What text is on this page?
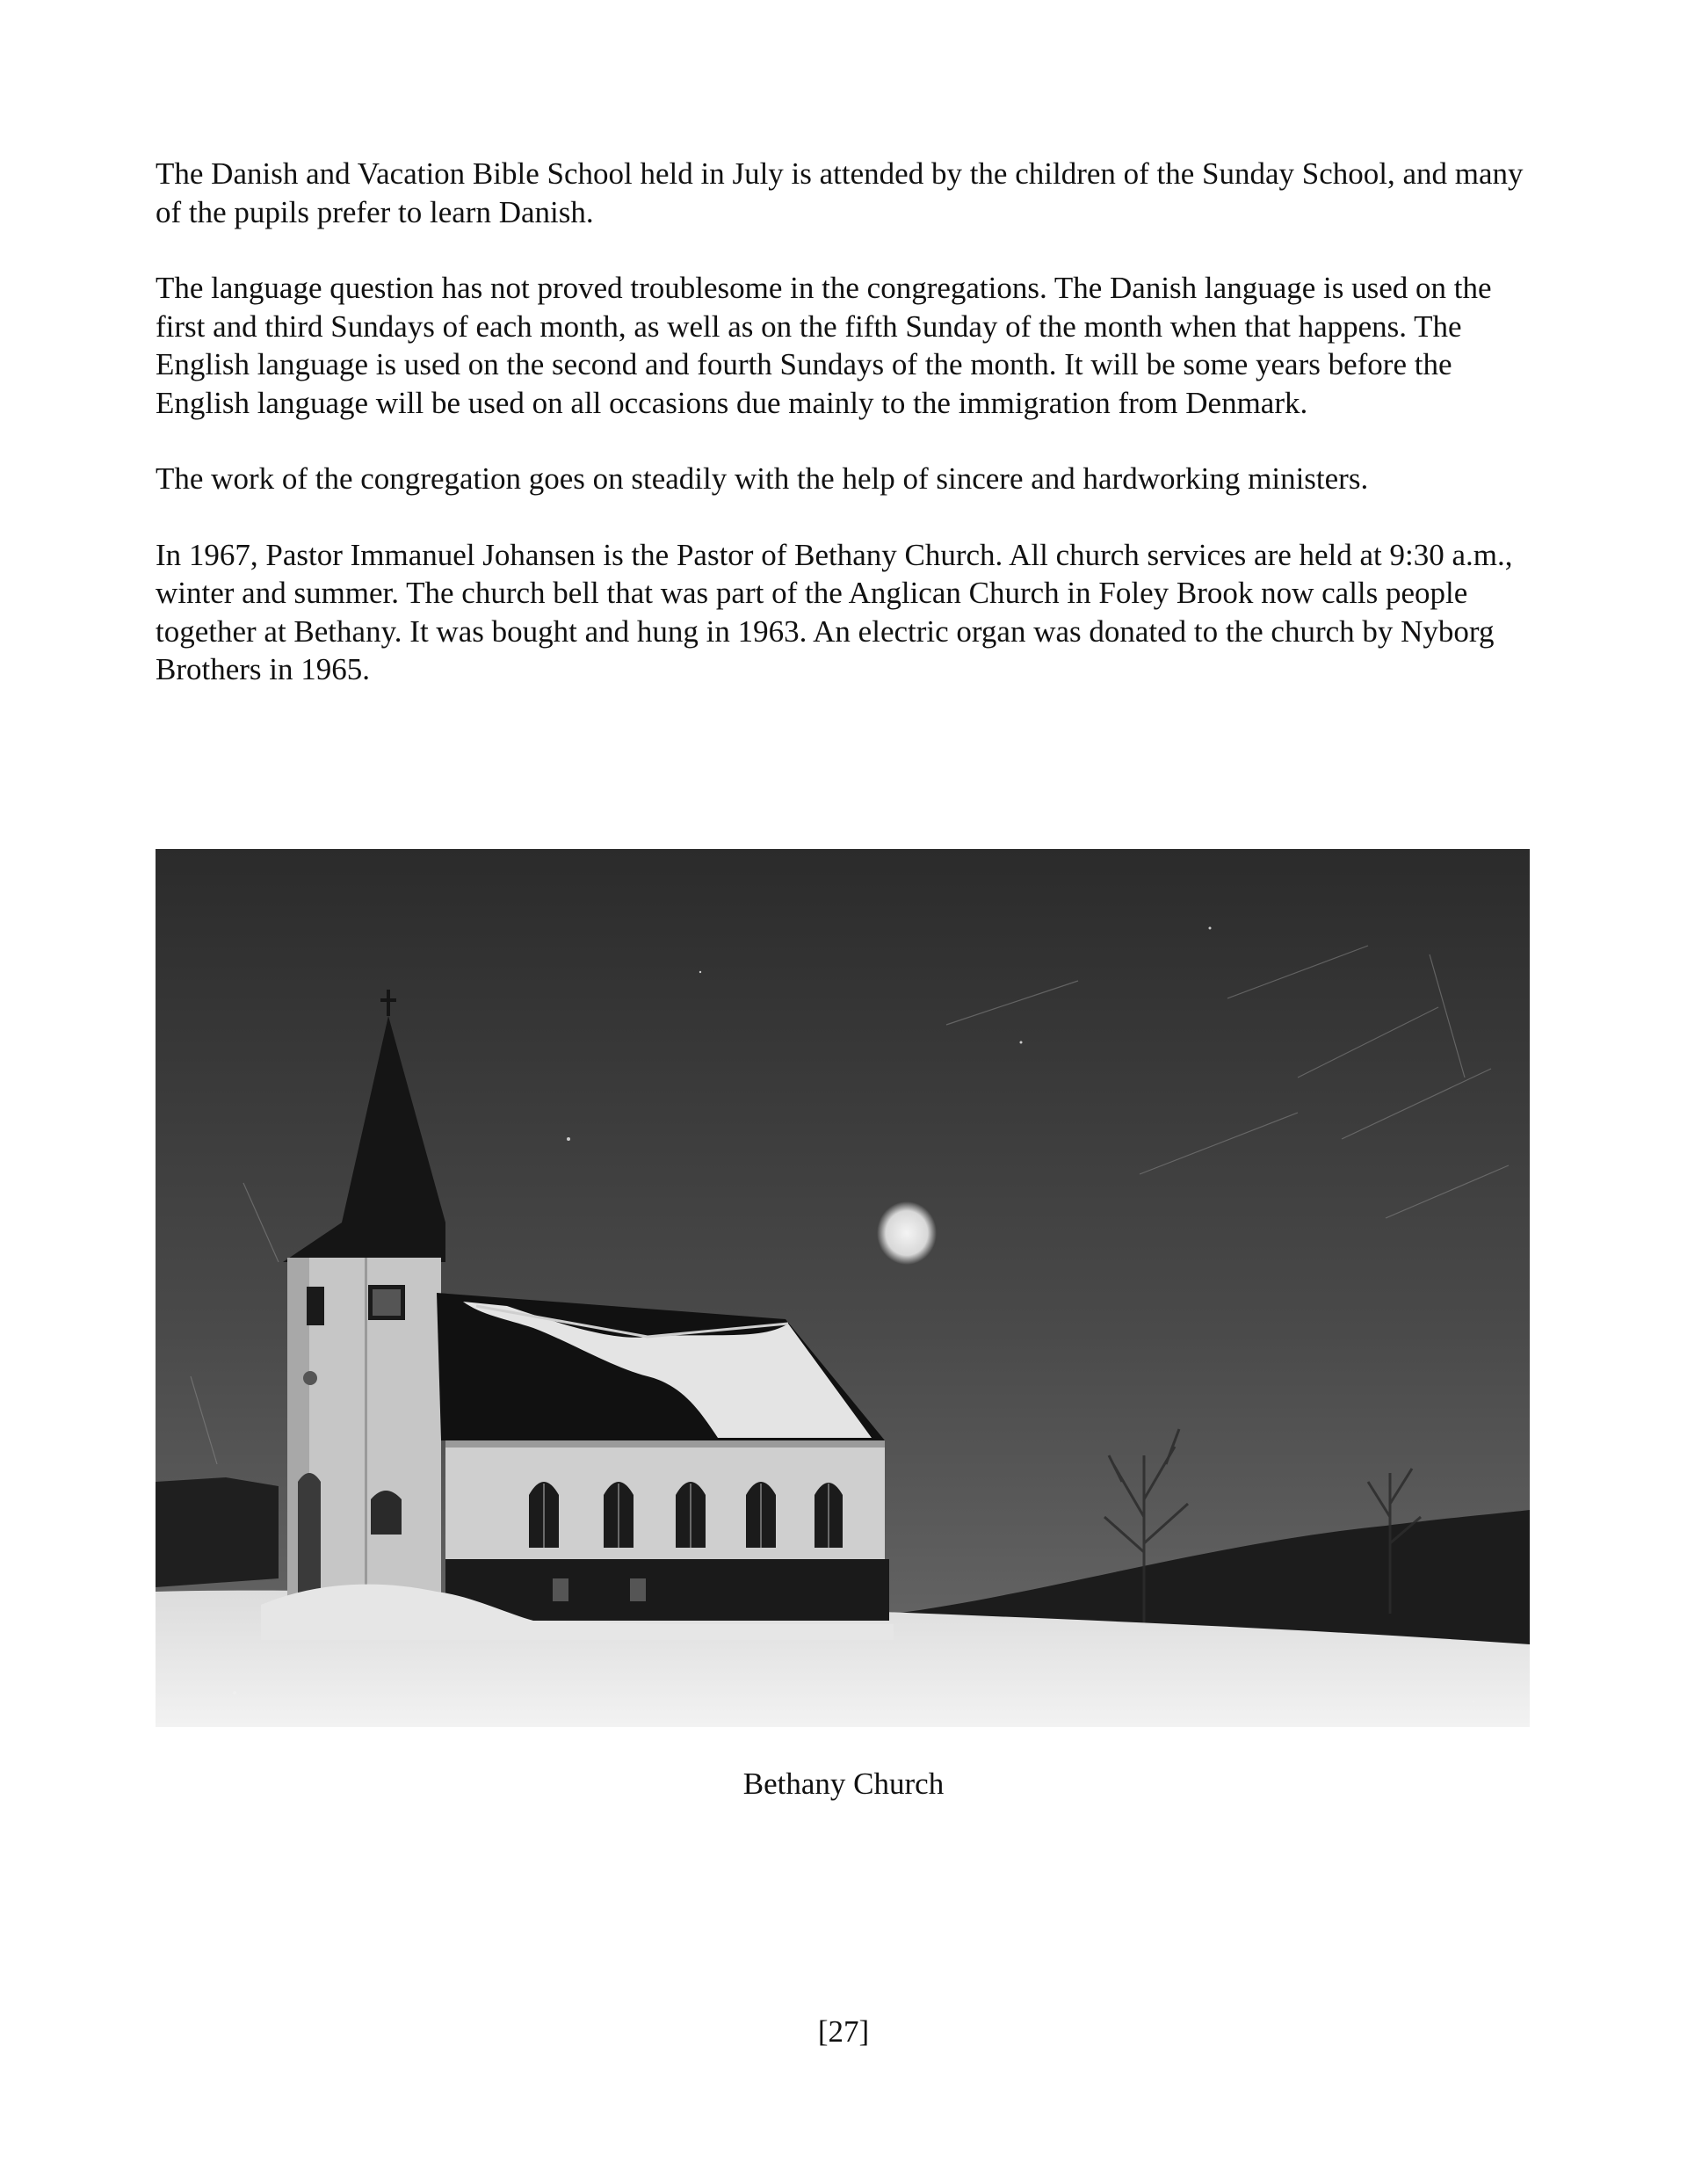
The Danish and Vacation Bible School held in July is attended by the children of the Sunday School, and many of the pupils prefer to learn Danish.

The language question has not proved troublesome in the congregations. The Danish language is used on the first and third Sundays of each month, as well as on the fifth Sunday of the month when that happens. The English language is used on the second and fourth Sundays of the month. It will be some years before the English language will be used on all occasions due mainly to the immigration from Denmark.

The work of the congregation goes on steadily with the help of sincere and hardworking ministers.

In 1967, Pastor Immanuel Johansen is the Pastor of Bethany Church. All church services are held at 9:30 a.m., winter and summer. The church bell that was part of the Anglican Church in Foley Brook now calls people together at Bethany. It was bought and hung in 1963. An electric organ was donated to the church by Nyborg Brothers in 1965.

Bethany Church
[27]
